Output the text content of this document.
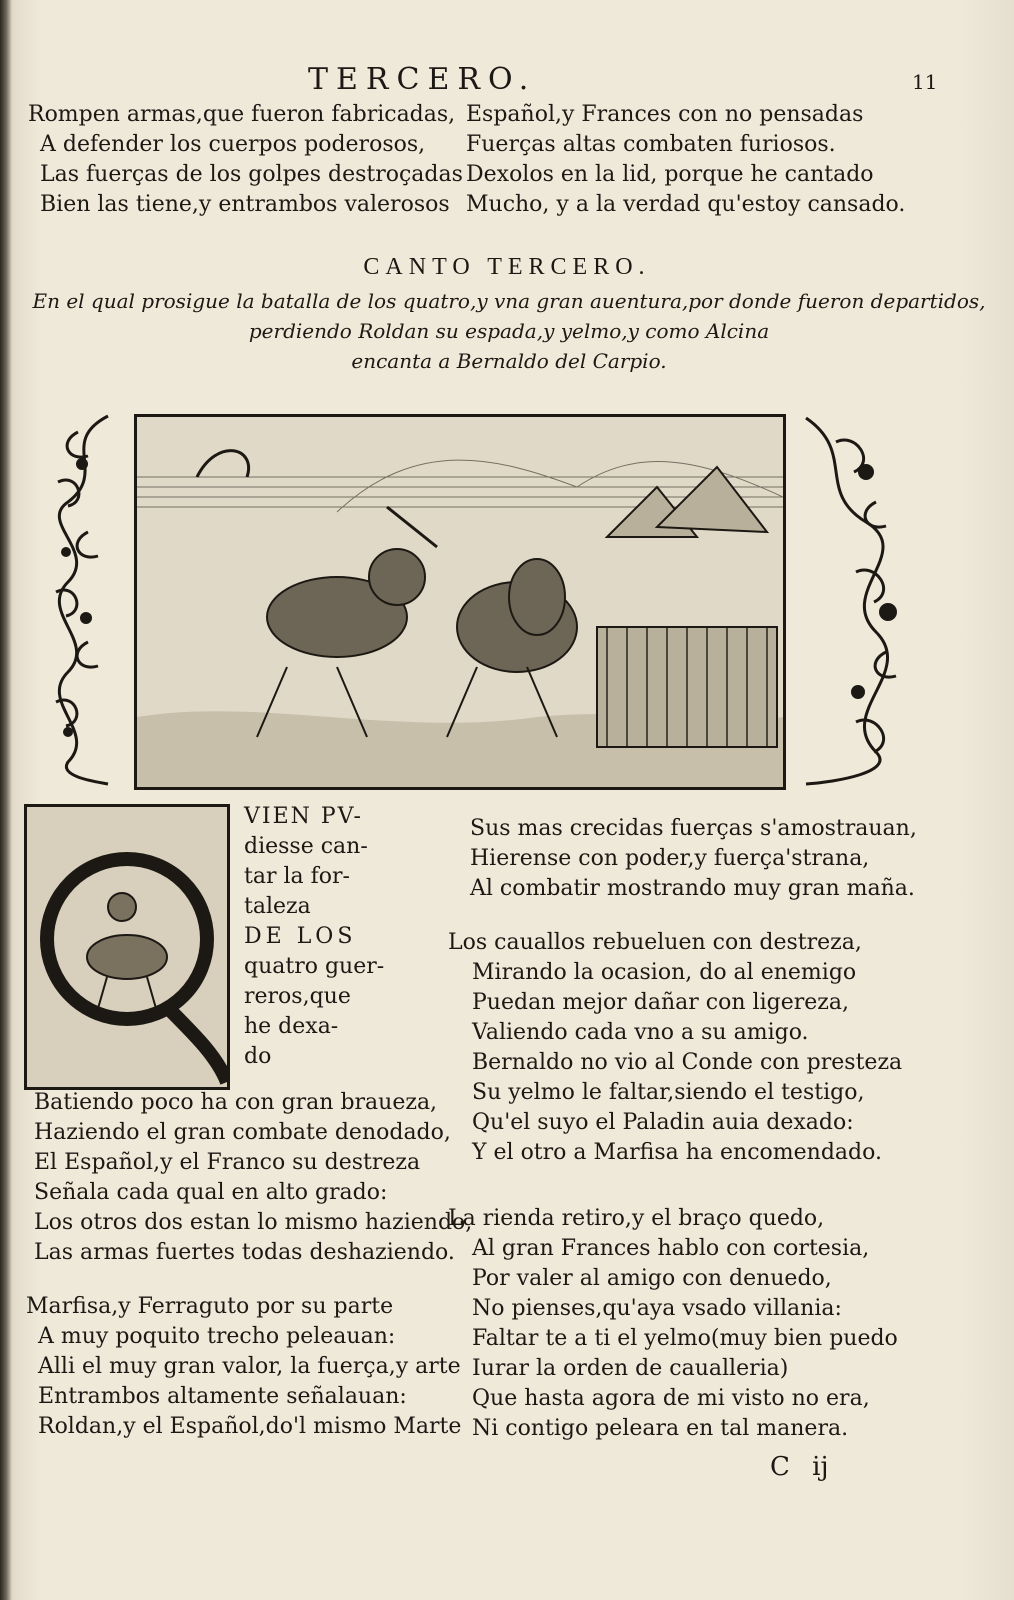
TERCERO.	11
Rompen armas,que fueron fabricadas,
A defender los cuerpos poderosos,
Las fuerças de los golpes destroçadas
Bien las tiene,y entrambos valerosos
Español,y Frances con no pensadas
Fuerças altas combaten furiosos.
Dexolos en la lid, porque he cantado
Mucho, y a la verdad qu'estoy cansado.
CANTO TERCERO.
En el qual prosigue la batalla de los quatro,y vna gran auentura,por donde fueron departidos,
perdiendo Roldan su espada,y yelmo,y como Alcina
encanta a Bernaldo del Carpio.
VIEN PV-
diesse can-
tar la for-
taleza
DE LOS
quatro guer-
reros,que
he dexa-
do
Batiendo poco ha con gran braueza,
Haziendo el gran combate denodado,
El Español,y el Franco su destreza
Señala cada qual en alto grado:
Los otros dos estan lo mismo haziendo,
Las armas fuertes todas deshaziendo.
Marfisa,y Ferraguto por su parte
A muy poquito trecho peleauan:
Alli el muy gran valor, la fuerça,y arte
Entrambos altamente señalauan:
Roldan,y el Español,do'l mismo Marte
Sus mas crecidas fuerças s'amostrauan,
Hierense con poder,y fuerça'strana,
Al combatir mostrando muy gran maña.
Los cauallos rebueluen con destreza,
Mirando la ocasion, do al enemigo
Puedan mejor dañar con ligereza,
Valiendo cada vno a su amigo.
Bernaldo no vio al Conde con presteza
Su yelmo le faltar,siendo el testigo,
Qu'el suyo el Paladin auia dexado:
Y el otro a Marfisa ha encomendado.
La rienda retiro,y el braço quedo,
Al gran Frances hablo con cortesia,
Por valer al amigo con denuedo,
No pienses,qu'aya vsado villania:
Faltar te a ti el yelmo(muy bien puedo
Iurar la orden de caualleria)
Que hasta agora de mi visto no era,
Ni contigo peleara en tal manera.
C ij
